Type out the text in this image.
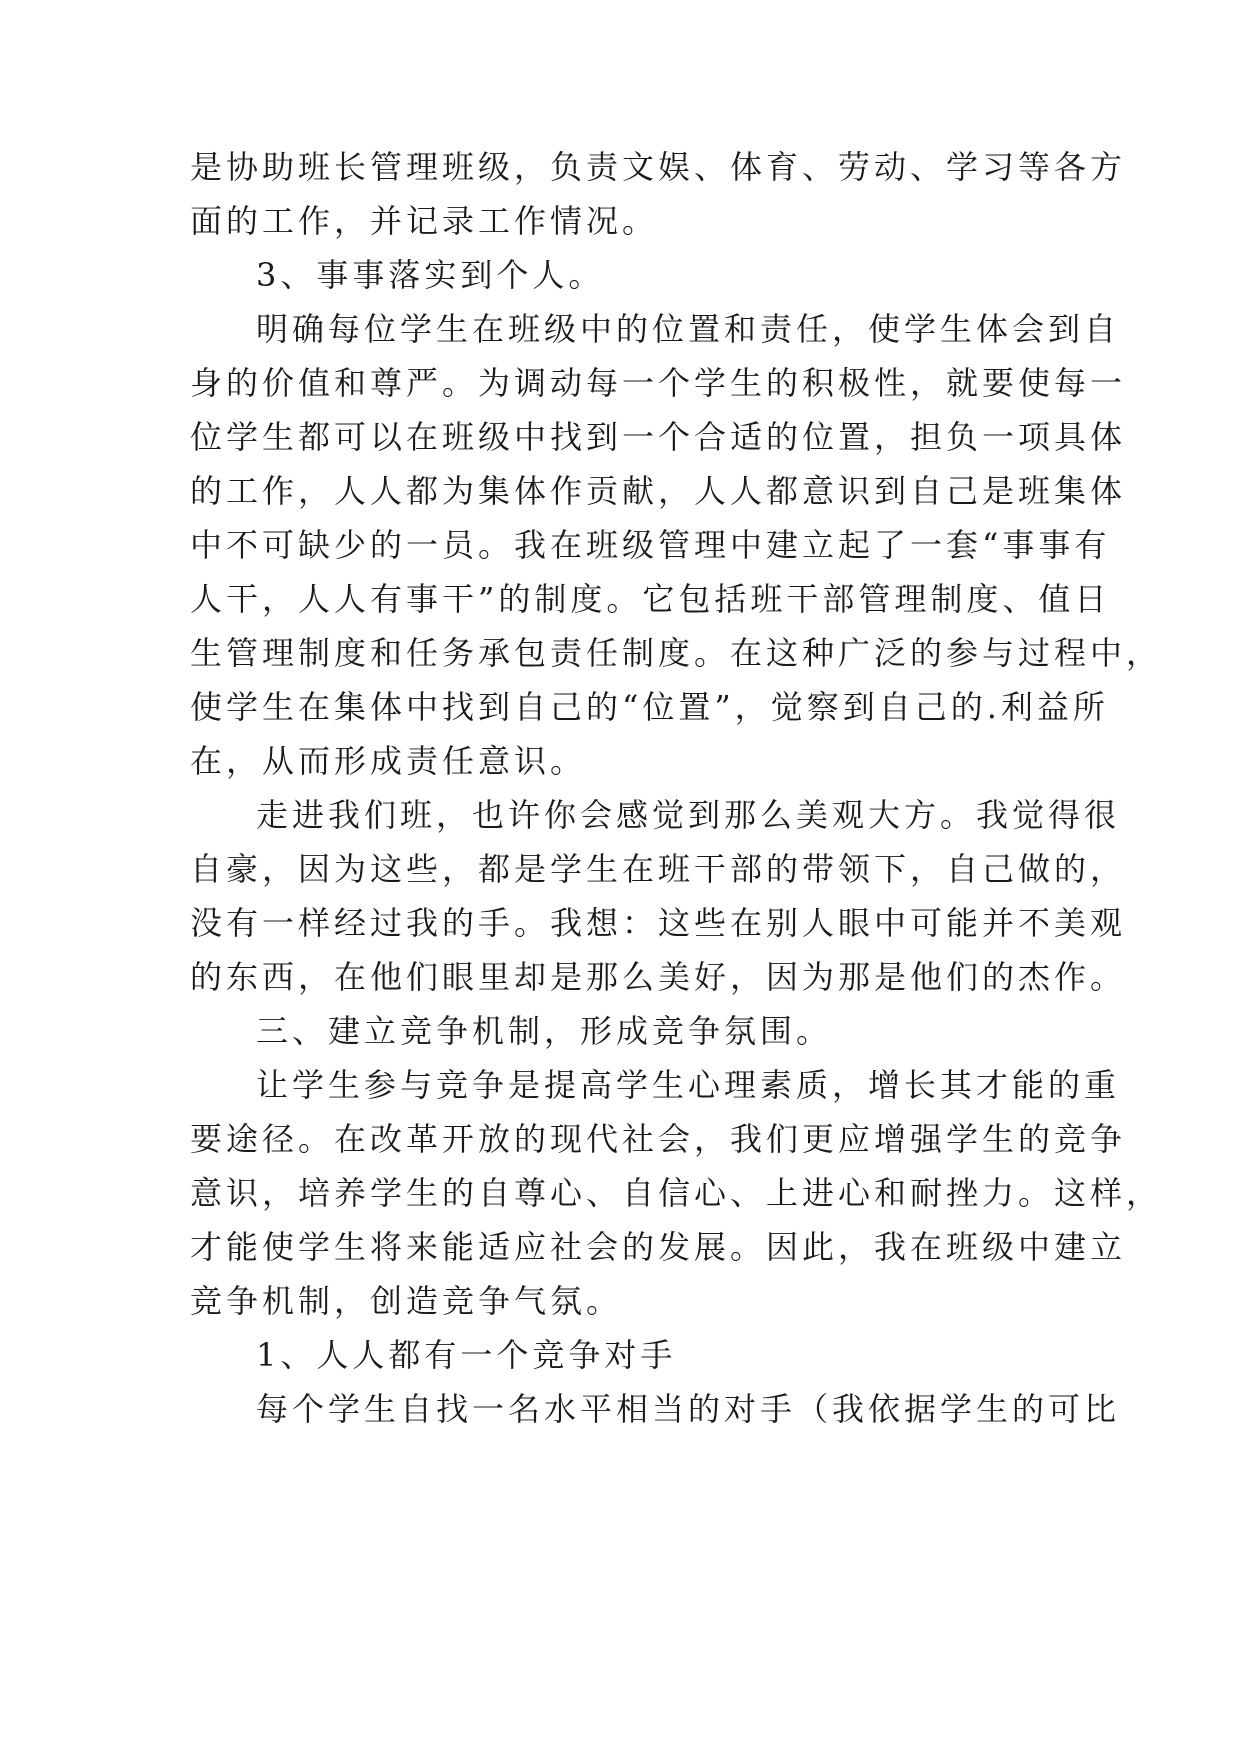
是协助班长管理班级，负责文娱、体育、劳动、学习等各方
面的工作，并记录工作情况。
3、事事落实到个人。
明确每位学生在班级中的位置和责任，使学生体会到自
身的价值和尊严。为调动每一个学生的积极性，就要使每一
位学生都可以在班级中找到一个合适的位置，担负一项具体
的工作，人人都为集体作贡献，人人都意识到自己是班集体
中不可缺少的一员。我在班级管理中建立起了一套“事事有
人干，人人有事干”的制度。它包括班干部管理制度、值日
生管理制度和任务承包责任制度。在这种广泛的参与过程中，
使学生在集体中找到自己的“位置”，觉察到自己的.利益所
在，从而形成责任意识。
走进我们班，也许你会感觉到那么美观大方。我觉得很
自豪，因为这些，都是学生在班干部的带领下，自己做的，
没有一样经过我的手。我想：这些在别人眼中可能并不美观
的东西，在他们眼里却是那么美好，因为那是他们的杰作。
三、建立竞争机制，形成竞争氛围。
让学生参与竞争是提高学生心理素质，增长其才能的重
要途径。在改革开放的现代社会，我们更应增强学生的竞争
意识，培养学生的自尊心、自信心、上进心和耐挫力。这样，
才能使学生将来能适应社会的发展。因此，我在班级中建立
竞争机制，创造竞争气氛。
1、人人都有一个竞争对手
每个学生自找一名水平相当的对手（我依据学生的可比
